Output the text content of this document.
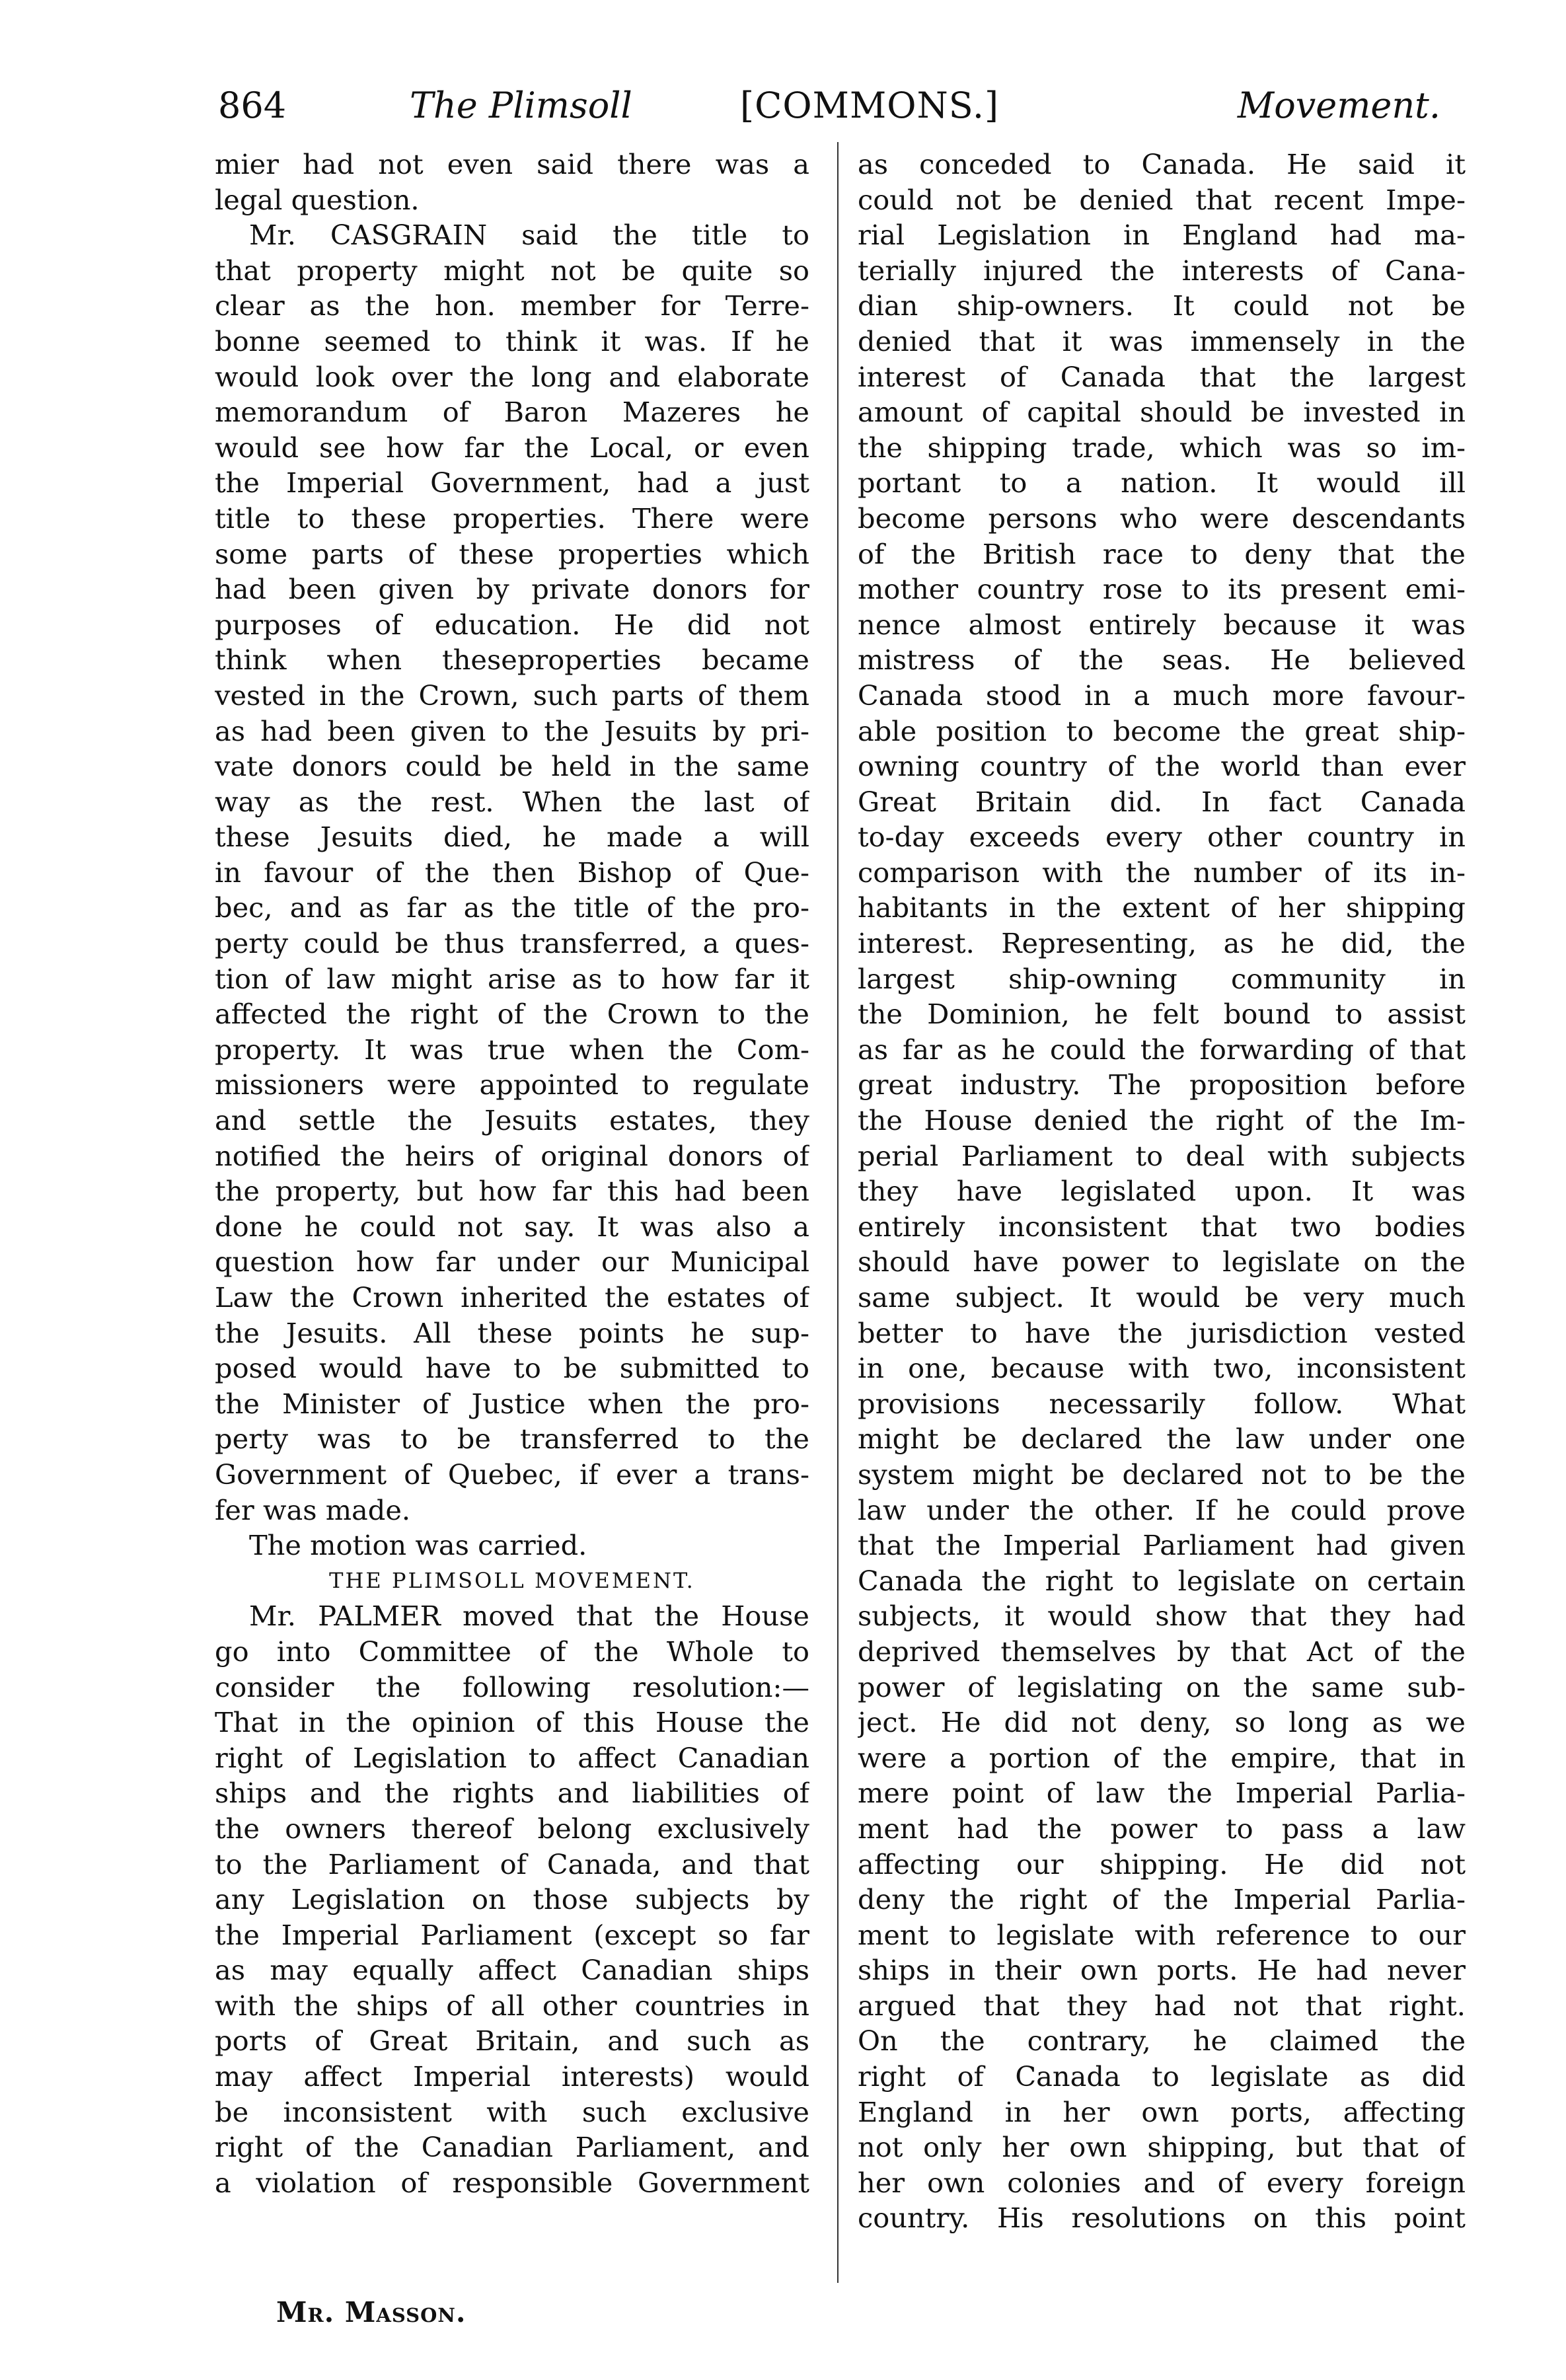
864	The Plimsoll	[COMMONS.]	Movement.
mier had not even said there was a
legal question.
Mr. CASGRAIN said the title to
that property might not be quite so
clear as the hon. member for Terre-
bonne seemed to think it was. If he
would look over the long and elaborate
memorandum of Baron Mazeres he
would see how far the Local, or even
the Imperial Government, had a just
title to these properties. There were
some parts of these properties which
had been given by private donors for
purposes of education. He did not
think when theseproperties became
vested in the Crown, such parts of them
as had been given to the Jesuits by pri-
vate donors could be held in the same
way as the rest. When the last of
these Jesuits died, he made a will
in favour of the then Bishop of Que-
bec, and as far as the title of the pro-
perty could be thus transferred, a ques-
tion of law might arise as to how far it
affected the right of the Crown to the
property. It was true when the Com-
missioners were appointed to regulate
and settle the Jesuits estates, they
notified the heirs of original donors of
the property, but how far this had been
done he could not say. It was also a
question how far under our Municipal
Law the Crown inherited the estates of
the Jesuits. All these points he sup-
posed would have to be submitted to
the Minister of Justice when the pro-
perty was to be transferred to the
Government of Quebec, if ever a trans-
fer was made.
The motion was carried.
THE PLIMSOLL MOVEMENT.
Mr. PALMER moved that the House
go into Committee of the Whole to
consider the following resolution:—
That in the opinion of this House the
right of Legislation to affect Canadian
ships and the rights and liabilities of
the owners thereof belong exclusively
to the Parliament of Canada, and that
any Legislation on those subjects by
the Imperial Parliament (except so far
as may equally affect Canadian ships
with the ships of all other countries in
ports of Great Britain, and such as
may affect Imperial interests) would
be inconsistent with such exclusive
right of the Canadian Parliament, and
a violation of responsible Government
as conceded to Canada. He said it
could not be denied that recent Impe-
rial Legislation in England had ma-
terially injured the interests of Cana-
dian ship-owners. It could not be
denied that it was immensely in the
interest of Canada that the largest
amount of capital should be invested in
the shipping trade, which was so im-
portant to a nation. It would ill
become persons who were descendants
of the British race to deny that the
mother country rose to its present emi-
nence almost entirely because it was
mistress of the seas. He believed
Canada stood in a much more favour-
able position to become the great ship-
owning country of the world than ever
Great Britain did. In fact Canada
to-day exceeds every other country in
comparison with the number of its in-
habitants in the extent of her shipping
interest. Representing, as he did, the
largest ship-owning community in
the Dominion, he felt bound to assist
as far as he could the forwarding of that
great industry. The proposition before
the House denied the right of the Im-
perial Parliament to deal with subjects
they have legislated upon. It was
entirely inconsistent that two bodies
should have power to legislate on the
same subject. It would be very much
better to have the jurisdiction vested
in one, because with two, inconsistent
provisions necessarily follow. What
might be declared the law under one
system might be declared not to be the
law under the other. If he could prove
that the Imperial Parliament had given
Canada the right to legislate on certain
subjects, it would show that they had
deprived themselves by that Act of the
power of legislating on the same sub-
ject. He did not deny, so long as we
were a portion of the empire, that in
mere point of law the Imperial Parlia-
ment had the power to pass a law
affecting our shipping. He did not
deny the right of the Imperial Parlia-
ment to legislate with reference to our
ships in their own ports. He had never
argued that they had not that right.
On the contrary, he claimed the
right of Canada to legislate as did
England in her own ports, affecting
not only her own shipping, but that of
her own colonies and of every foreign
country. His resolutions on this point
Mr. Masson.
